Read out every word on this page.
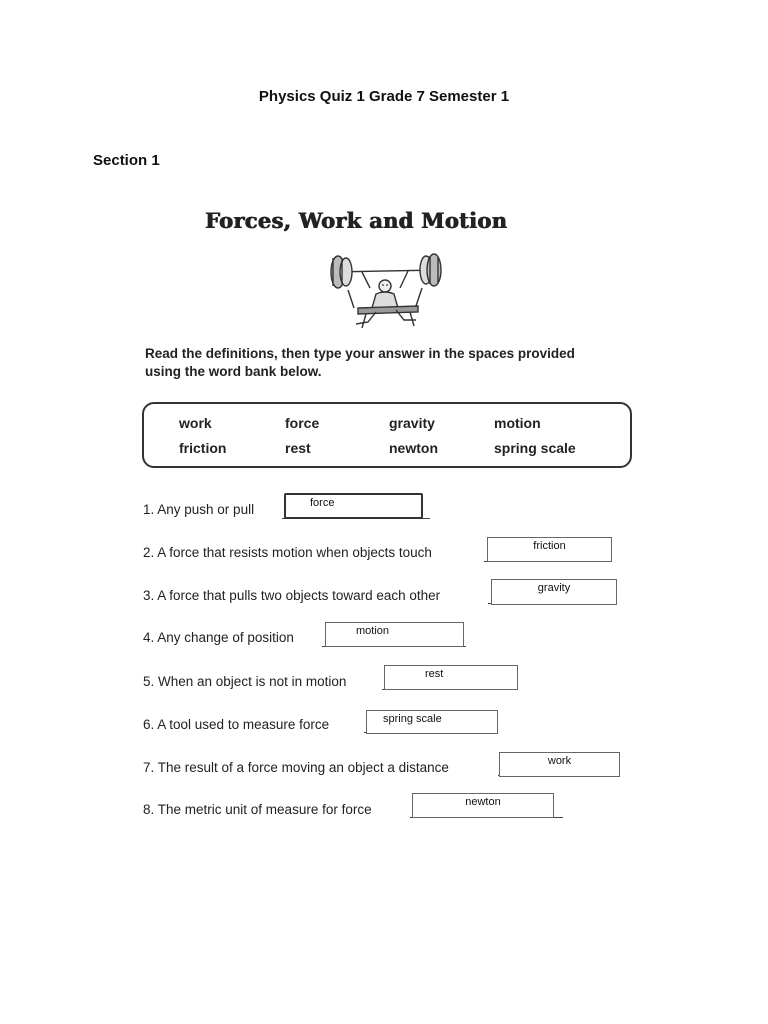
Physics Quiz 1 Grade 7 Semester 1
Section 1
Forces, Work and Motion
Read the definitions, then type your answer in the spaces provided using the word bank below.
work	force	gravity	motion
friction	rest	newton	spring scale
1. Any push or pull	force
2. A force that resists motion when objects touch	friction
3. A force that pulls two objects toward each other	gravity
4. Any change of position	motion
5. When an object is not in motion	rest
6. A tool used to measure force	spring scale
7. The result of a force moving an object a distance	work
8. The metric unit of measure for force	newton
